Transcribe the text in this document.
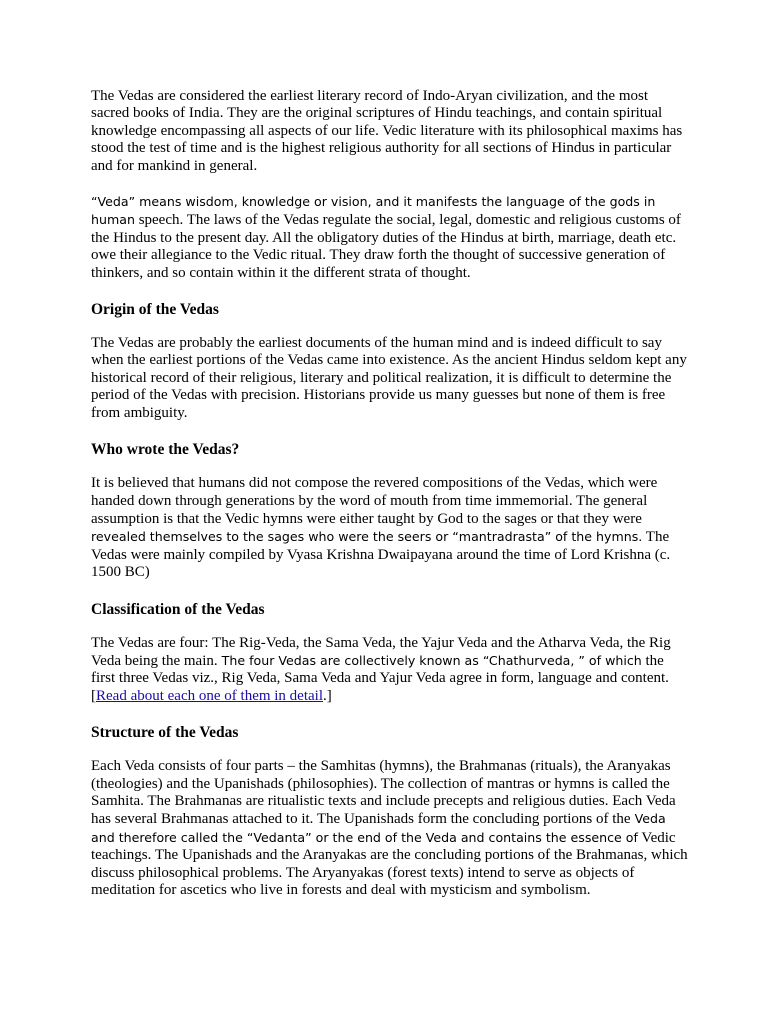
The Vedas are considered the earliest literary record of Indo-Aryan civilization, and the most sacred books of India. They are the original scriptures of Hindu teachings, and contain spiritual knowledge encompassing all aspects of our life. Vedic literature with its philosophical maxims has stood the test of time and is the highest religious authority for all sections of Hindus in particular and for mankind in general.

“Veda” means wisdom, knowledge or vision, and it manifests the language of the gods in human speech. The laws of the Vedas regulate the social, legal, domestic and religious customs of the Hindus to the present day. All the obligatory duties of the Hindus at birth, marriage, death etc. owe their allegiance to the Vedic ritual. They draw forth the thought of successive generation of thinkers, and so contain within it the different strata of thought.

Origin of the Vedas

The Vedas are probably the earliest documents of the human mind and is indeed difficult to say when the earliest portions of the Vedas came into existence. As the ancient Hindus seldom kept any historical record of their religious, literary and political realization, it is difficult to determine the period of the Vedas with precision. Historians provide us many guesses but none of them is free from ambiguity.

Who wrote the Vedas?

It is believed that humans did not compose the revered compositions of the Vedas, which were handed down through generations by the word of mouth from time immemorial. The general assumption is that the Vedic hymns were either taught by God to the sages or that they were revealed themselves to the sages who were the seers or “mantradrasta” of the hymns. The Vedas were mainly compiled by Vyasa Krishna Dwaipayana around the time of Lord Krishna (c. 1500 BC)

Classification of the Vedas

The Vedas are four: The Rig-Veda, the Sama Veda, the Yajur Veda and the Atharva Veda, the Rig Veda being the main. The four Vedas are collectively known as “Chathurveda, ” of which the first three Vedas viz., Rig Veda, Sama Veda and Yajur Veda agree in form, language and content. [Read about each one of them in detail.]

Structure of the Vedas

Each Veda consists of four parts – the Samhitas (hymns), the Brahmanas (rituals), the Aranyakas (theologies) and the Upanishads (philosophies). The collection of mantras or hymns is called the Samhita. The Brahmanas are ritualistic texts and include precepts and religious duties. Each Veda has several Brahmanas attached to it. The Upanishads form the concluding portions of the Veda and therefore called the “Vedanta” or the end of the Veda and contains the essence of Vedic teachings. The Upanishads and the Aranyakas are the concluding portions of the Brahmanas, which discuss philosophical problems. The Aryanyakas (forest texts) intend to serve as objects of meditation for ascetics who live in forests and deal with mysticism and symbolism.
